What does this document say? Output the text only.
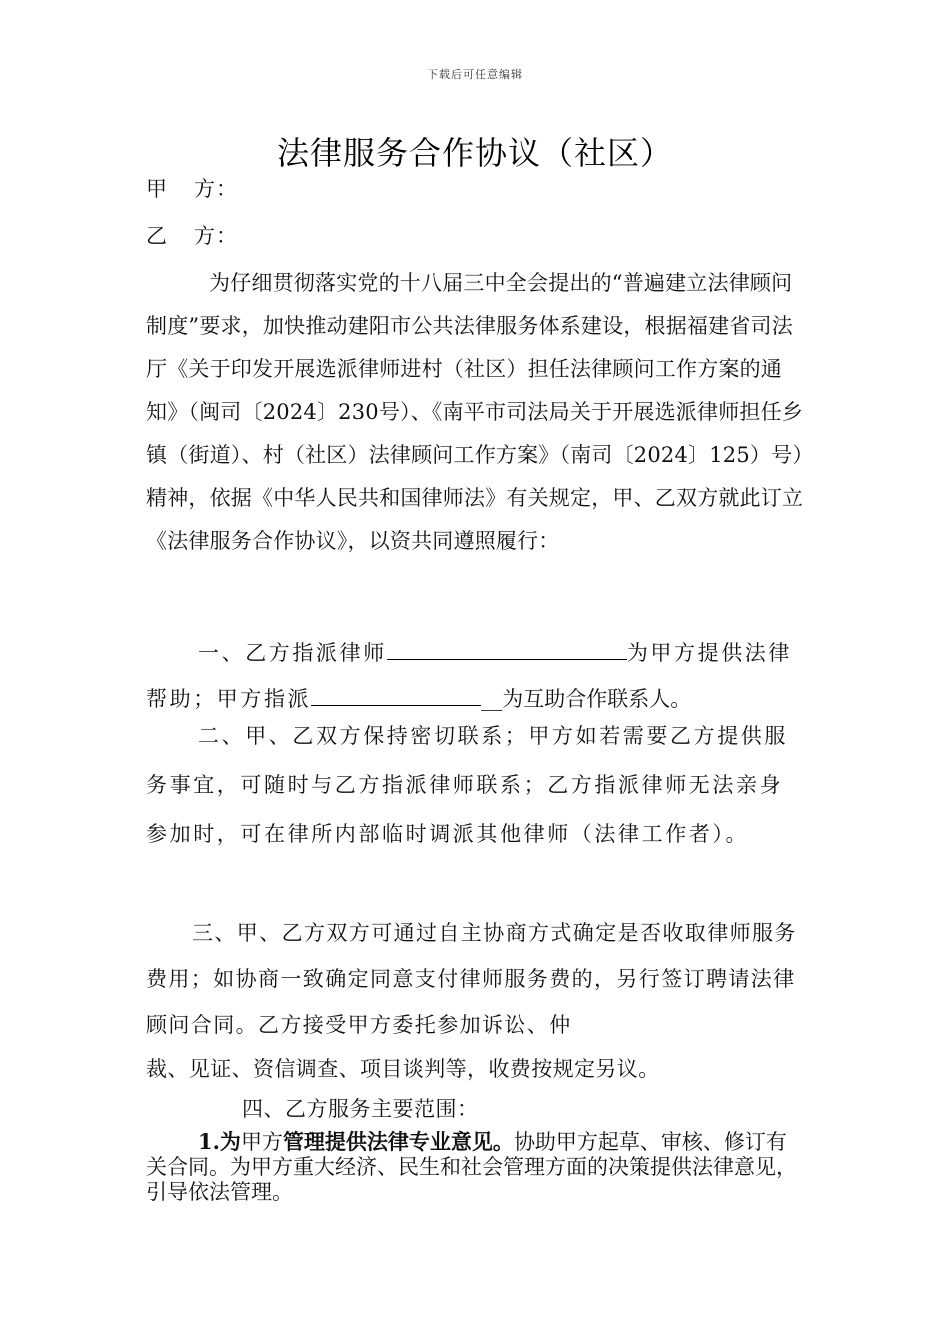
下载后可任意编辑
法律服务合作协议（社区）
甲 方：
乙 方：

为仔细贯彻落实党的十八届三中全会提出的“普遍建立法律顾问制度”要求，加快推动建阳市公共法律服务体系建设，根据福建省司法厅《关于印发开展选派律师进村（社区）担任法律顾问工作方案的通知》（闽司〔2024〕230号）、《南平市司法局关于开展选派律师担任乡镇（街道）、村（社区）法律顾问工作方案》（南司〔2024〕125）号）精神，依据《中华人民共和国律师法》有关规定，甲、乙双方就此订立《法律服务合作协议》，以资共同遵照履行：

一、乙方指派律师	为甲方提供法律帮助；甲方指派	__为互助合作联系人。

二、甲、乙双方保持密切联系；甲方如若需要乙方提供服务事宜，可随时与乙方指派律师联系；乙方指派律师无法亲身参加时，可在律所内部临时调派其他律师（法律工作者）。

三、甲、乙方双方可通过自主协商方式确定是否收取律师服务费用；如协商一致确定同意支付律师服务费的，另行签订聘请法律顾问合同。乙方接受甲方委托参加诉讼、仲

裁、见证、资信调查、项目谈判等，收费按规定另议。

四、乙方服务主要范围：

1.为甲方管理提供法律专业意见。协助甲方起草、审核、修订有关合同。为甲方重大经济、民生和社会管理方面的决策提供法律意见，引导依法管理。
